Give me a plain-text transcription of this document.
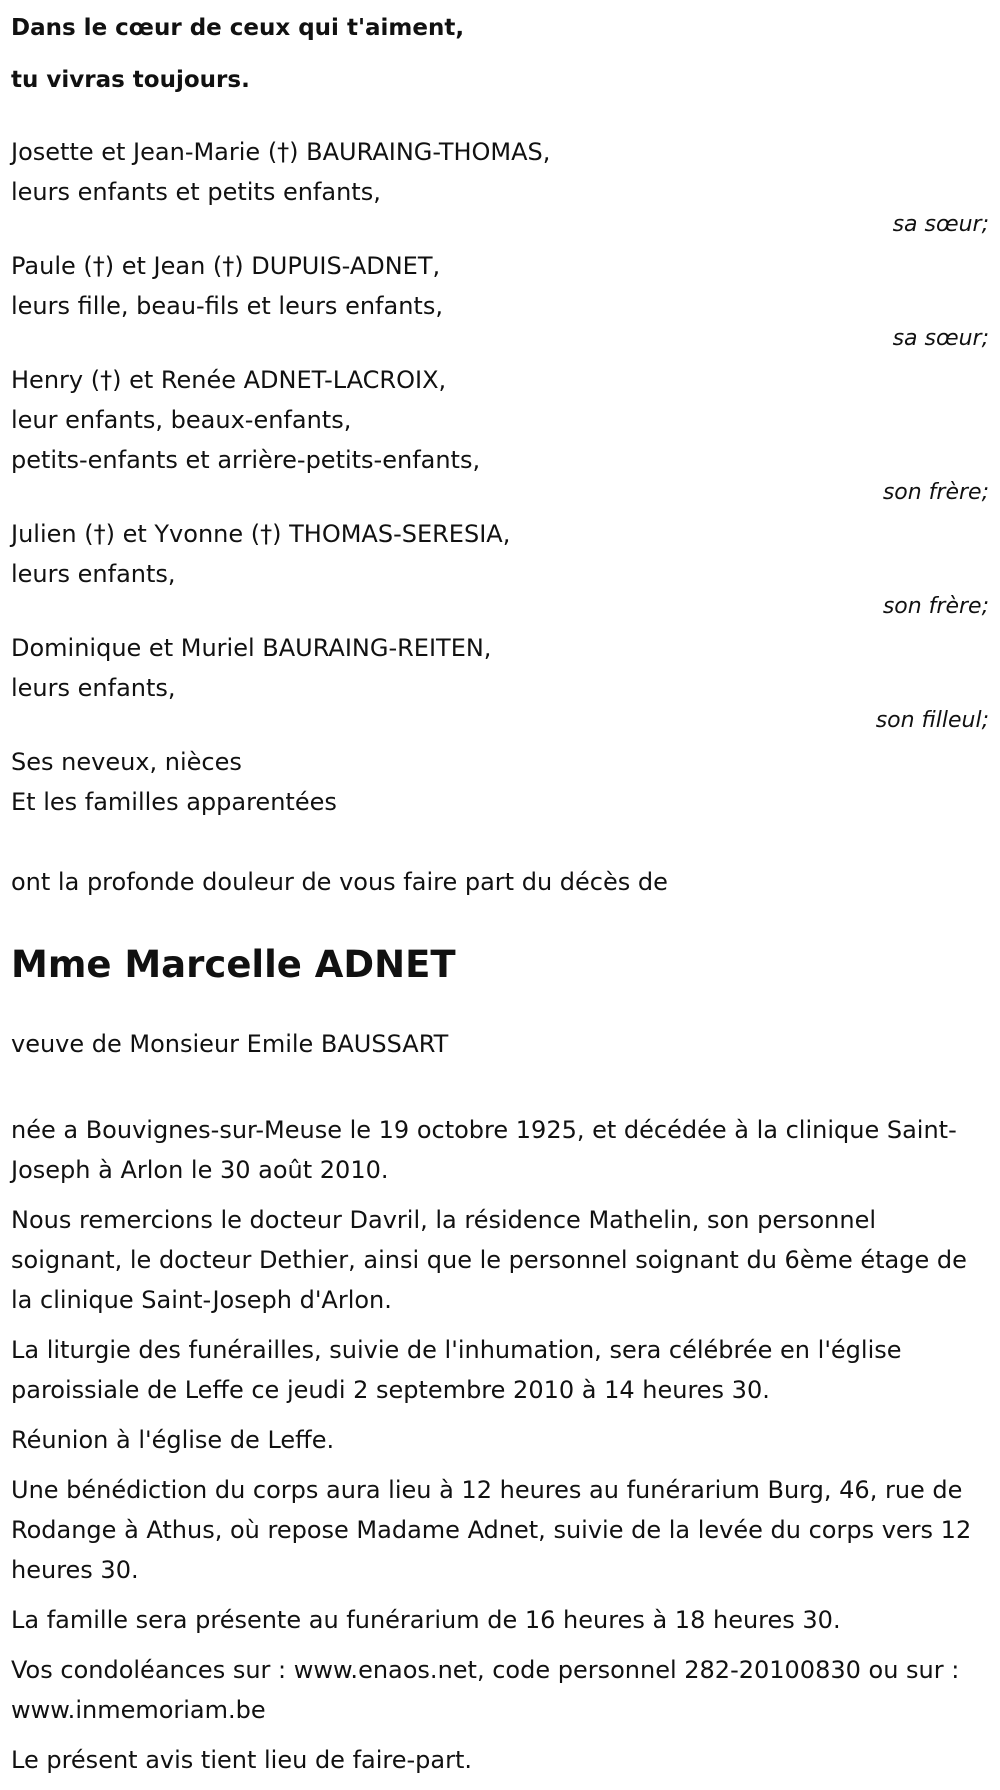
Dans le cœur de ceux qui t'aiment,
tu vivras toujours.
Josette et Jean-Marie (†) BAURAING-THOMAS,
leurs enfants et petits enfants,
sa sœur;
Paule (†) et Jean (†) DUPUIS-ADNET,
leurs fille, beau-fils et leurs enfants,
sa sœur;
Henry (†) et Renée ADNET-LACROIX,
leur enfants, beaux-enfants,
petits-enfants et arrière-petits-enfants,
son frère;
Julien (†) et Yvonne (†) THOMAS-SERESIA,
leurs enfants,
son frère;
Dominique et Muriel BAURAING-REITEN,
leurs enfants,
son filleul;
Ses neveux, nièces
Et les familles apparentées
ont la profonde douleur de vous faire part du décès de
Mme Marcelle ADNET
veuve de Monsieur Emile BAUSSART

née a Bouvignes-sur-Meuse le 19 octobre 1925, et décédée à la clinique Saint-Joseph à Arlon le 30 août 2010.

Nous remercions le docteur Davril, la résidence Mathelin, son personnel soignant, le docteur Dethier, ainsi que le personnel soignant du 6ème étage de la clinique Saint-Joseph d'Arlon.

La liturgie des funérailles, suivie de l'inhumation, sera célébrée en l'église paroissiale de Leffe ce jeudi 2 septembre 2010 à 14 heures 30.

Réunion à l'église de Leffe.

Une bénédiction du corps aura lieu à 12 heures au funérarium Burg, 46, rue de Rodange à Athus, où repose Madame Adnet, suivie de la levée du corps vers 12 heures 30.

La famille sera présente au funérarium de 16 heures à 18 heures 30.

Vos condoléances sur : www.enaos.net, code personnel 282-20100830 ou sur : www.inmemoriam.be

Le présent avis tient lieu de faire-part.
